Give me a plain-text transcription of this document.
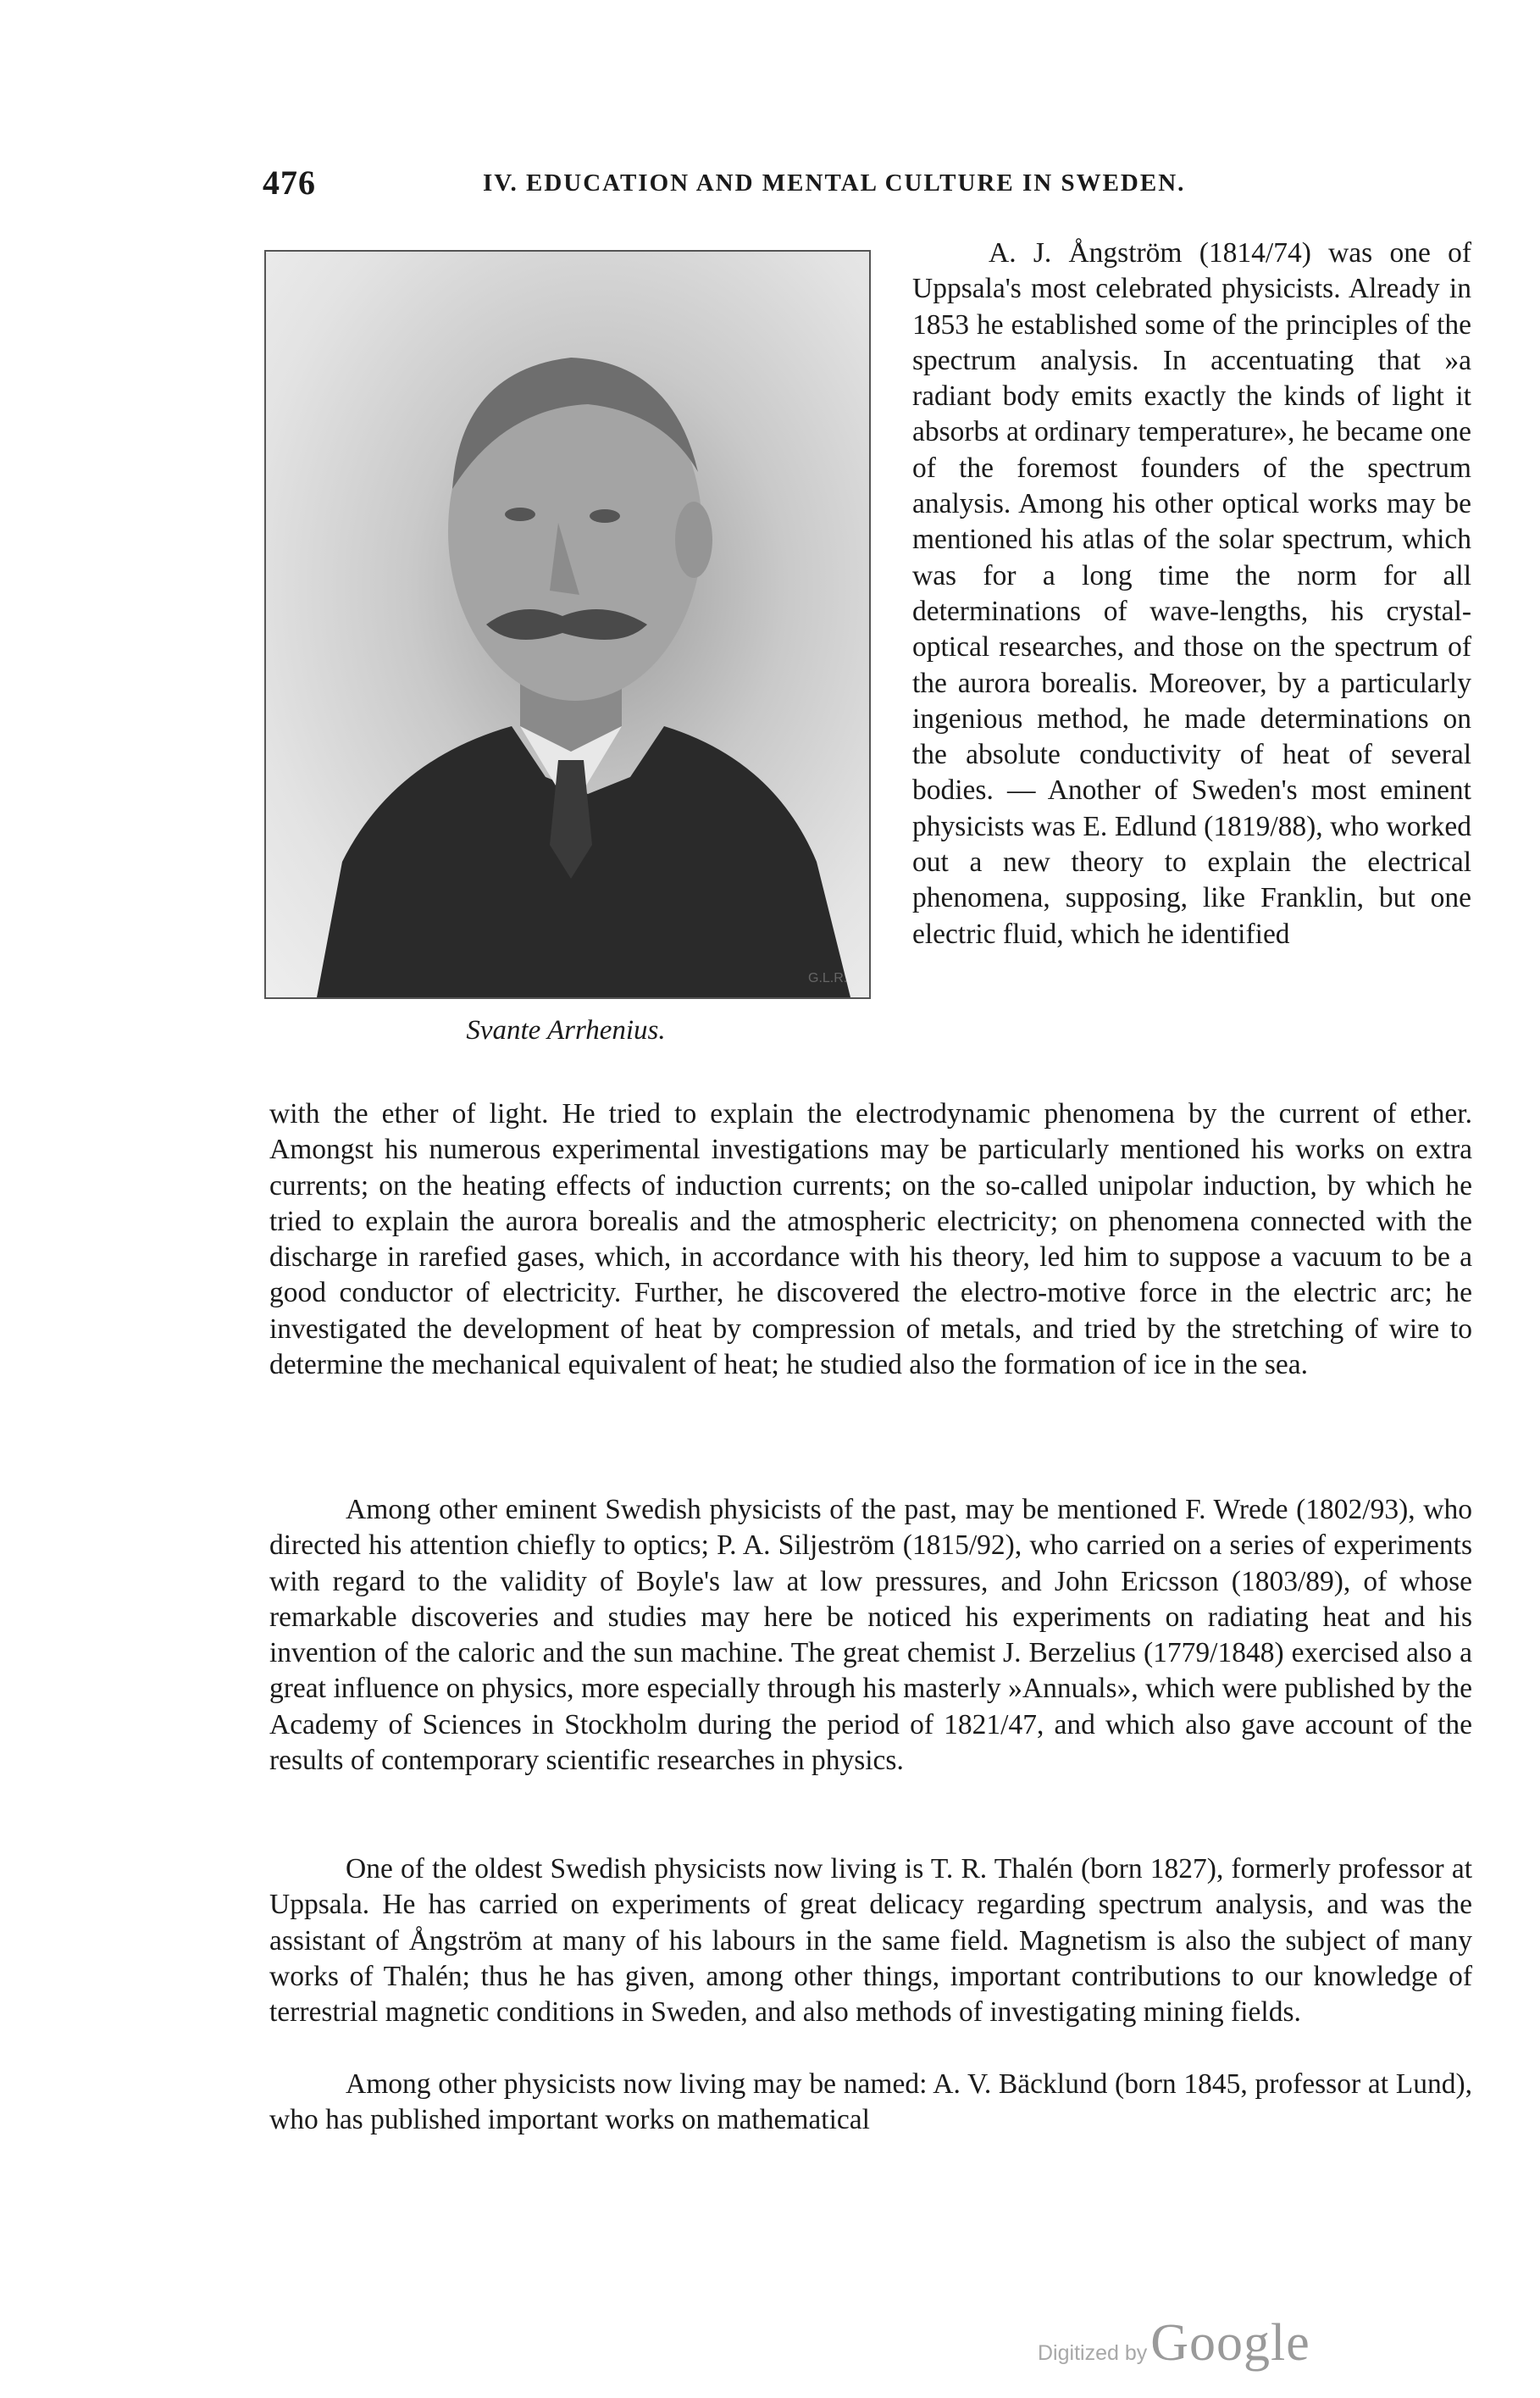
476	IV. EDUCATION AND MENTAL CULTURE IN SWEDEN.
G.L.R.
Svante Arrhenius.

A. J. Ångström (1814/74) was one of Uppsala's most celebrated physicists. Already in 1853 he established some of the principles of the spectrum analysis. In accentuating that »a radiant body emits exactly the kinds of light it absorbs at ordinary temperature», he became one of the foremost founders of the spectrum analysis. Among his other optical works may be mentioned his atlas of the solar spectrum, which was for a long time the norm for all determinations of wave-lengths, his crystal-optical researches, and those on the spectrum of the aurora borealis. Moreover, by a particularly ingenious method, he made determinations on the absolute conductivity of heat of several bodies. — Another of Sweden's most eminent physicists was E. Edlund (1819/88), who worked out a new theory to explain the electrical phenomena, supposing, like Franklin, but one electric fluid, which he identified

with the ether of light. He tried to explain the electrodynamic phenomena by the current of ether. Amongst his numerous experimental investigations may be particularly mentioned his works on extra currents; on the heating effects of induction currents; on the so-called unipolar induction, by which he tried to explain the aurora borealis and the atmospheric electricity; on phenomena connected with the discharge in rarefied gases, which, in accordance with his theory, led him to suppose a vacuum to be a good conductor of electricity. Further, he discovered the electro-motive force in the electric arc; he investigated the development of heat by compression of metals, and tried by the stretching of wire to determine the mechanical equivalent of heat; he studied also the formation of ice in the sea.

Among other eminent Swedish physicists of the past, may be mentioned F. Wrede (1802/93), who directed his attention chiefly to optics; P. A. Siljeström (1815/92), who carried on a series of experiments with regard to the validity of Boyle's law at low pressures, and John Ericsson (1803/89), of whose remarkable discoveries and studies may here be noticed his experiments on radiating heat and his invention of the caloric and the sun machine. The great chemist J. Berzelius (1779/1848) exercised also a great influence on physics, more especially through his masterly »Annuals», which were published by the Academy of Sciences in Stockholm during the period of 1821/47, and which also gave account of the results of contemporary scientific researches in physics.

One of the oldest Swedish physicists now living is T. R. Thalén (born 1827), formerly professor at Uppsala. He has carried on experiments of great delicacy regarding spectrum analysis, and was the assistant of Ångström at many of his labours in the same field. Magnetism is also the subject of many works of Thalén; thus he has given, among other things, important contributions to our knowledge of terrestrial magnetic conditions in Sweden, and also methods of investigating mining fields.

Among other physicists now living may be named: A. V. Bäcklund (born 1845, professor at Lund), who has published important works on mathematical

Digitized by Google
